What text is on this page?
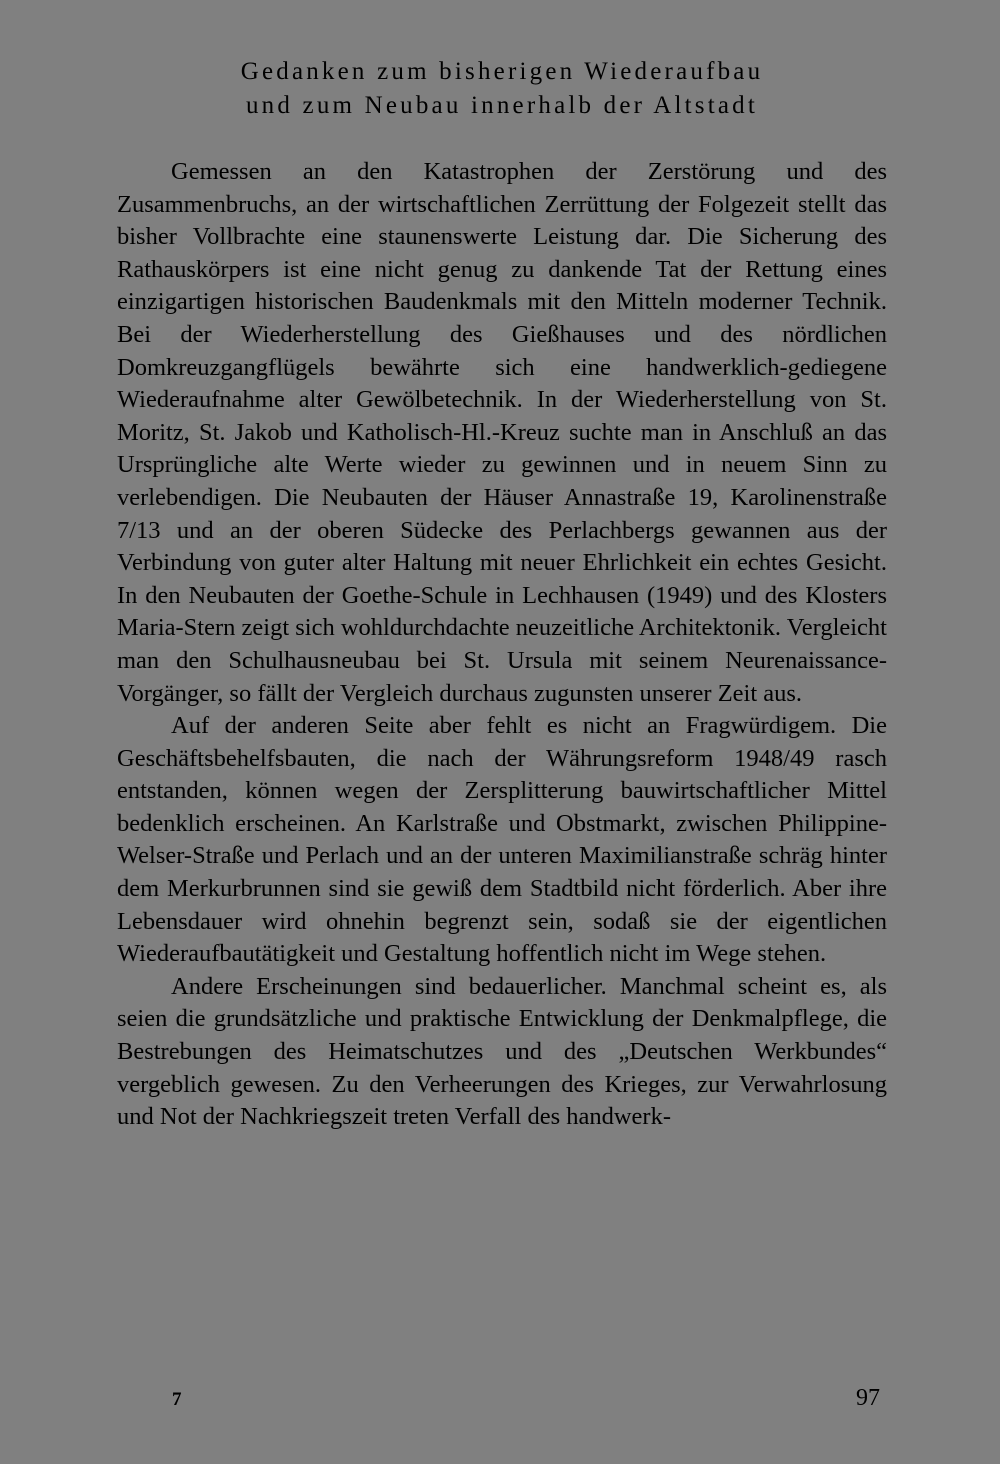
Gedanken zum bisherigen Wiederaufbau
und zum Neubau innerhalb der Altstadt

Gemessen an den Katastrophen der Zerstörung und des Zusammenbruchs, an der wirtschaftlichen Zerrüttung der Folgezeit stellt das bisher Vollbrachte eine staunenswerte Leistung dar. Die Sicherung des Rathauskörpers ist eine nicht genug zu dankende Tat der Rettung eines einzigartigen historischen Baudenkmals mit den Mitteln moderner Technik. Bei der Wiederherstellung des Gießhauses und des nördlichen Domkreuzgangflügels bewährte sich eine handwerklich-gediegene Wiederaufnahme alter Gewölbetechnik. In der Wiederherstellung von St. Moritz, St. Jakob und Katholisch-Hl.-Kreuz suchte man in Anschluß an das Ursprüngliche alte Werte wieder zu gewinnen und in neuem Sinn zu verlebendigen. Die Neubauten der Häuser Annastraße 19, Karolinenstraße 7/13 und an der oberen Südecke des Perlachbergs gewannen aus der Verbindung von guter alter Haltung mit neuer Ehrlichkeit ein echtes Gesicht. In den Neubauten der Goethe-Schule in Lechhausen (1949) und des Klosters Maria-Stern zeigt sich wohldurchdachte neuzeitliche Architektonik. Vergleicht man den Schulhausneubau bei St. Ursula mit seinem Neurenaissance-Vorgänger, so fällt der Vergleich durchaus zugunsten unserer Zeit aus.

Auf der anderen Seite aber fehlt es nicht an Fragwürdigem. Die Geschäftsbehelfsbauten, die nach der Währungsreform 1948/49 rasch entstanden, können wegen der Zersplitterung bauwirtschaftlicher Mittel bedenklich erscheinen. An Karlstraße und Obstmarkt, zwischen Philippine-Welser-Straße und Perlach und an der unteren Maximilianstraße schräg hinter dem Merkurbrunnen sind sie gewiß dem Stadtbild nicht förderlich. Aber ihre Lebensdauer wird ohnehin begrenzt sein, sodaß sie der eigentlichen Wiederaufbautätigkeit und Gestaltung hoffentlich nicht im Wege stehen.

Andere Erscheinungen sind bedauerlicher. Manchmal scheint es, als seien die grundsätzliche und praktische Entwicklung der Denkmalpflege, die Bestrebungen des Heimatschutzes und des „Deutschen Werkbundes“ vergeblich gewesen. Zu den Verheerungen des Krieges, zur Verwahrlosung und Not der Nachkriegszeit treten Verfall des handwerk-

7	97
